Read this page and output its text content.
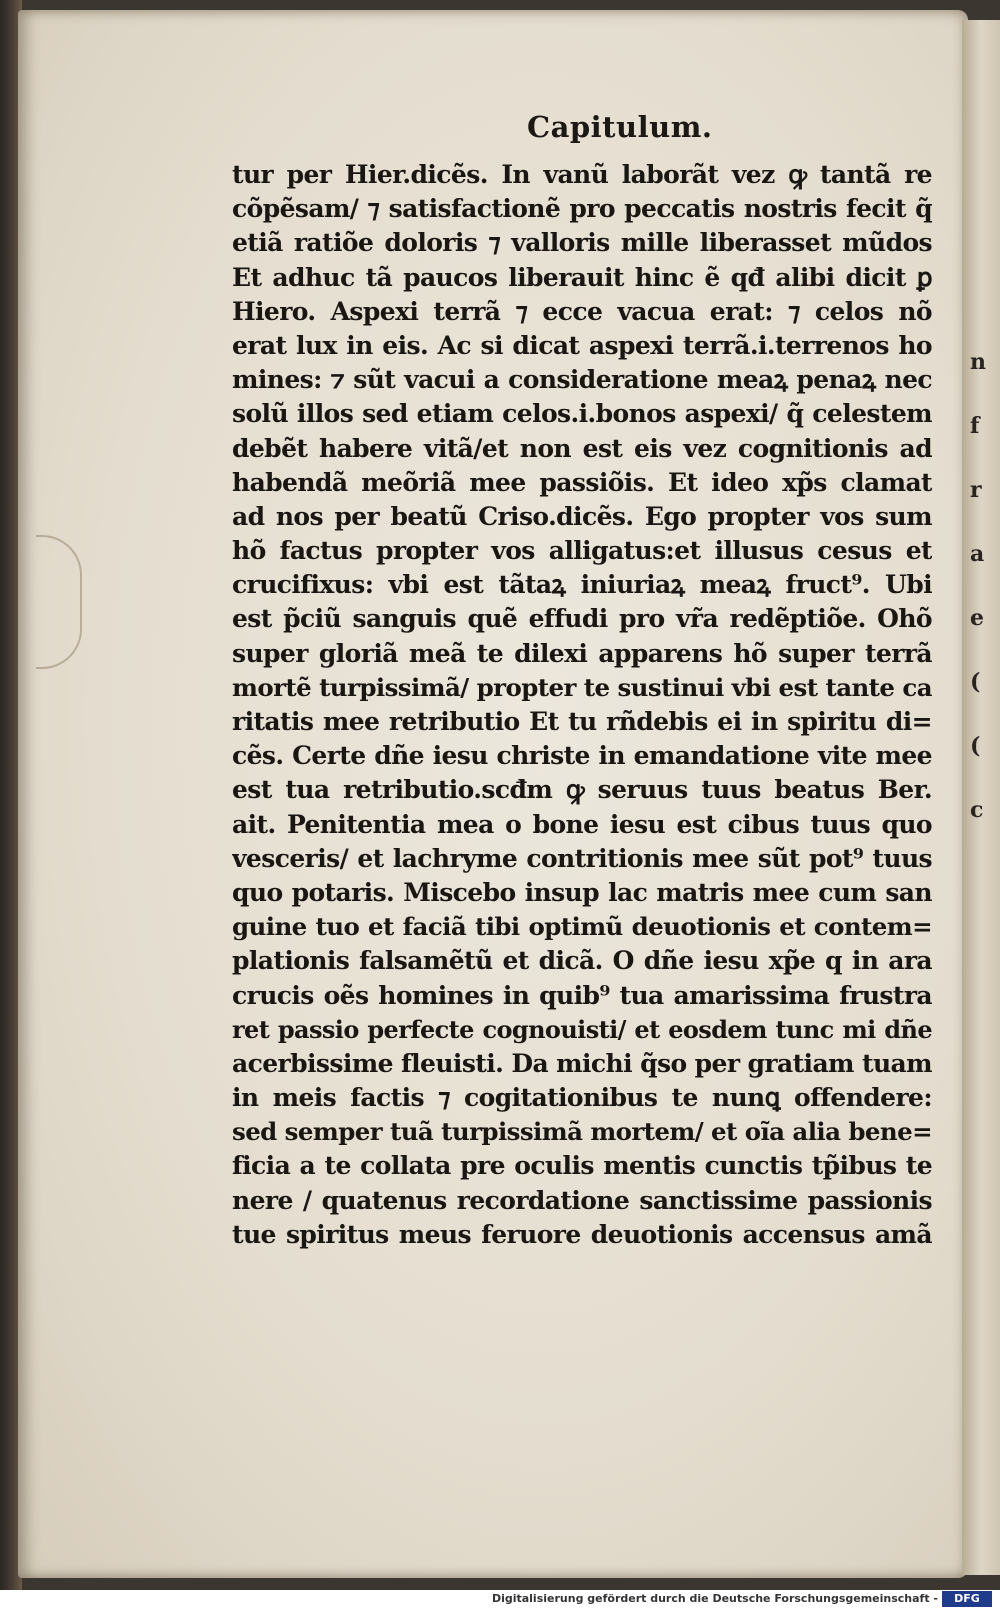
n f r a e ( ( c
Capitulum.
tur per Hier.dicẽs. In vanũ laborãt vez ꝙ tantã re
cõpẽsam/ ⁊ satisfactionẽ pro peccatis nostris fecit q̃
etiã ratiõe doloris ⁊ valloris mille liberasset mũdos
Et adhuc tã paucos liberauit hinc ẽ qđ alibi dicit ꝑ
Hiero. Aspexi terrã ⁊ ecce vacua erat: ⁊ celos nõ
erat lux in eis. Ac si dicat aspexi terrã.i.terrenos ho
mines: ⁊ sũt vacui a consideratione meaꝝ penaꝝ nec
solũ illos sed etiam celos.i.bonos aspexi/ q̃ celestem
debẽt habere vitã/et non est eis vez cognitionis ad
habendã meõriã mee passiõis. Et ideo xp̃s clamat
ad nos per beatũ Criso.dicẽs. Ego propter vos sum
hõ factus propter vos alligatus:et illusus cesus et
crucifixus: vbi est tãtaꝝ iniuriaꝝ meaꝝ fruct⁹. Ubi
est p̃ciũ sanguis quẽ effudi pro vr̃a redẽptiõe. Ohõ
super gloriã meã te dilexi apparens hõ super terrã
mortẽ turpissimã/ propter te sustinui vbi est tante ca
ritatis mee retributio Et tu rñdebis ei in spiritu di=
cẽs. Certe dñe iesu christe in emandatione vite mee
est tua retributio.scđm ꝙ seruus tuus beatus Ber.
ait. Penitentia mea o bone iesu est cibus tuus quo
vesceris/ et lachryme contritionis mee sũt pot⁹ tuus
quo potaris. Miscebo insup lac matris mee cum san
guine tuo et faciã tibi optimũ deuotionis et contem=
plationis falsamẽtũ et dicã. O dñe iesu xp̃e q in ara
crucis oẽs homines in quib⁹ tua amarissima frustra
ret passio perfecte cognouisti/ et eosdem tunc mi dñe
acerbissime fleuisti. Da michi q̃so per gratiam tuam
in meis factis ⁊ cogitationibus te nunꝗ offendere:
sed semper tuã turpissimã mortem/ et oĩa alia bene=
ficia a te collata pre oculis mentis cunctis tp̃ibus te
nere / quatenus recordatione sanctissime passionis
tue spiritus meus feruore deuotionis accensus amã
Digitalisierung gefördert durch die Deutsche Forschungsgemeinschaft -	DFG
